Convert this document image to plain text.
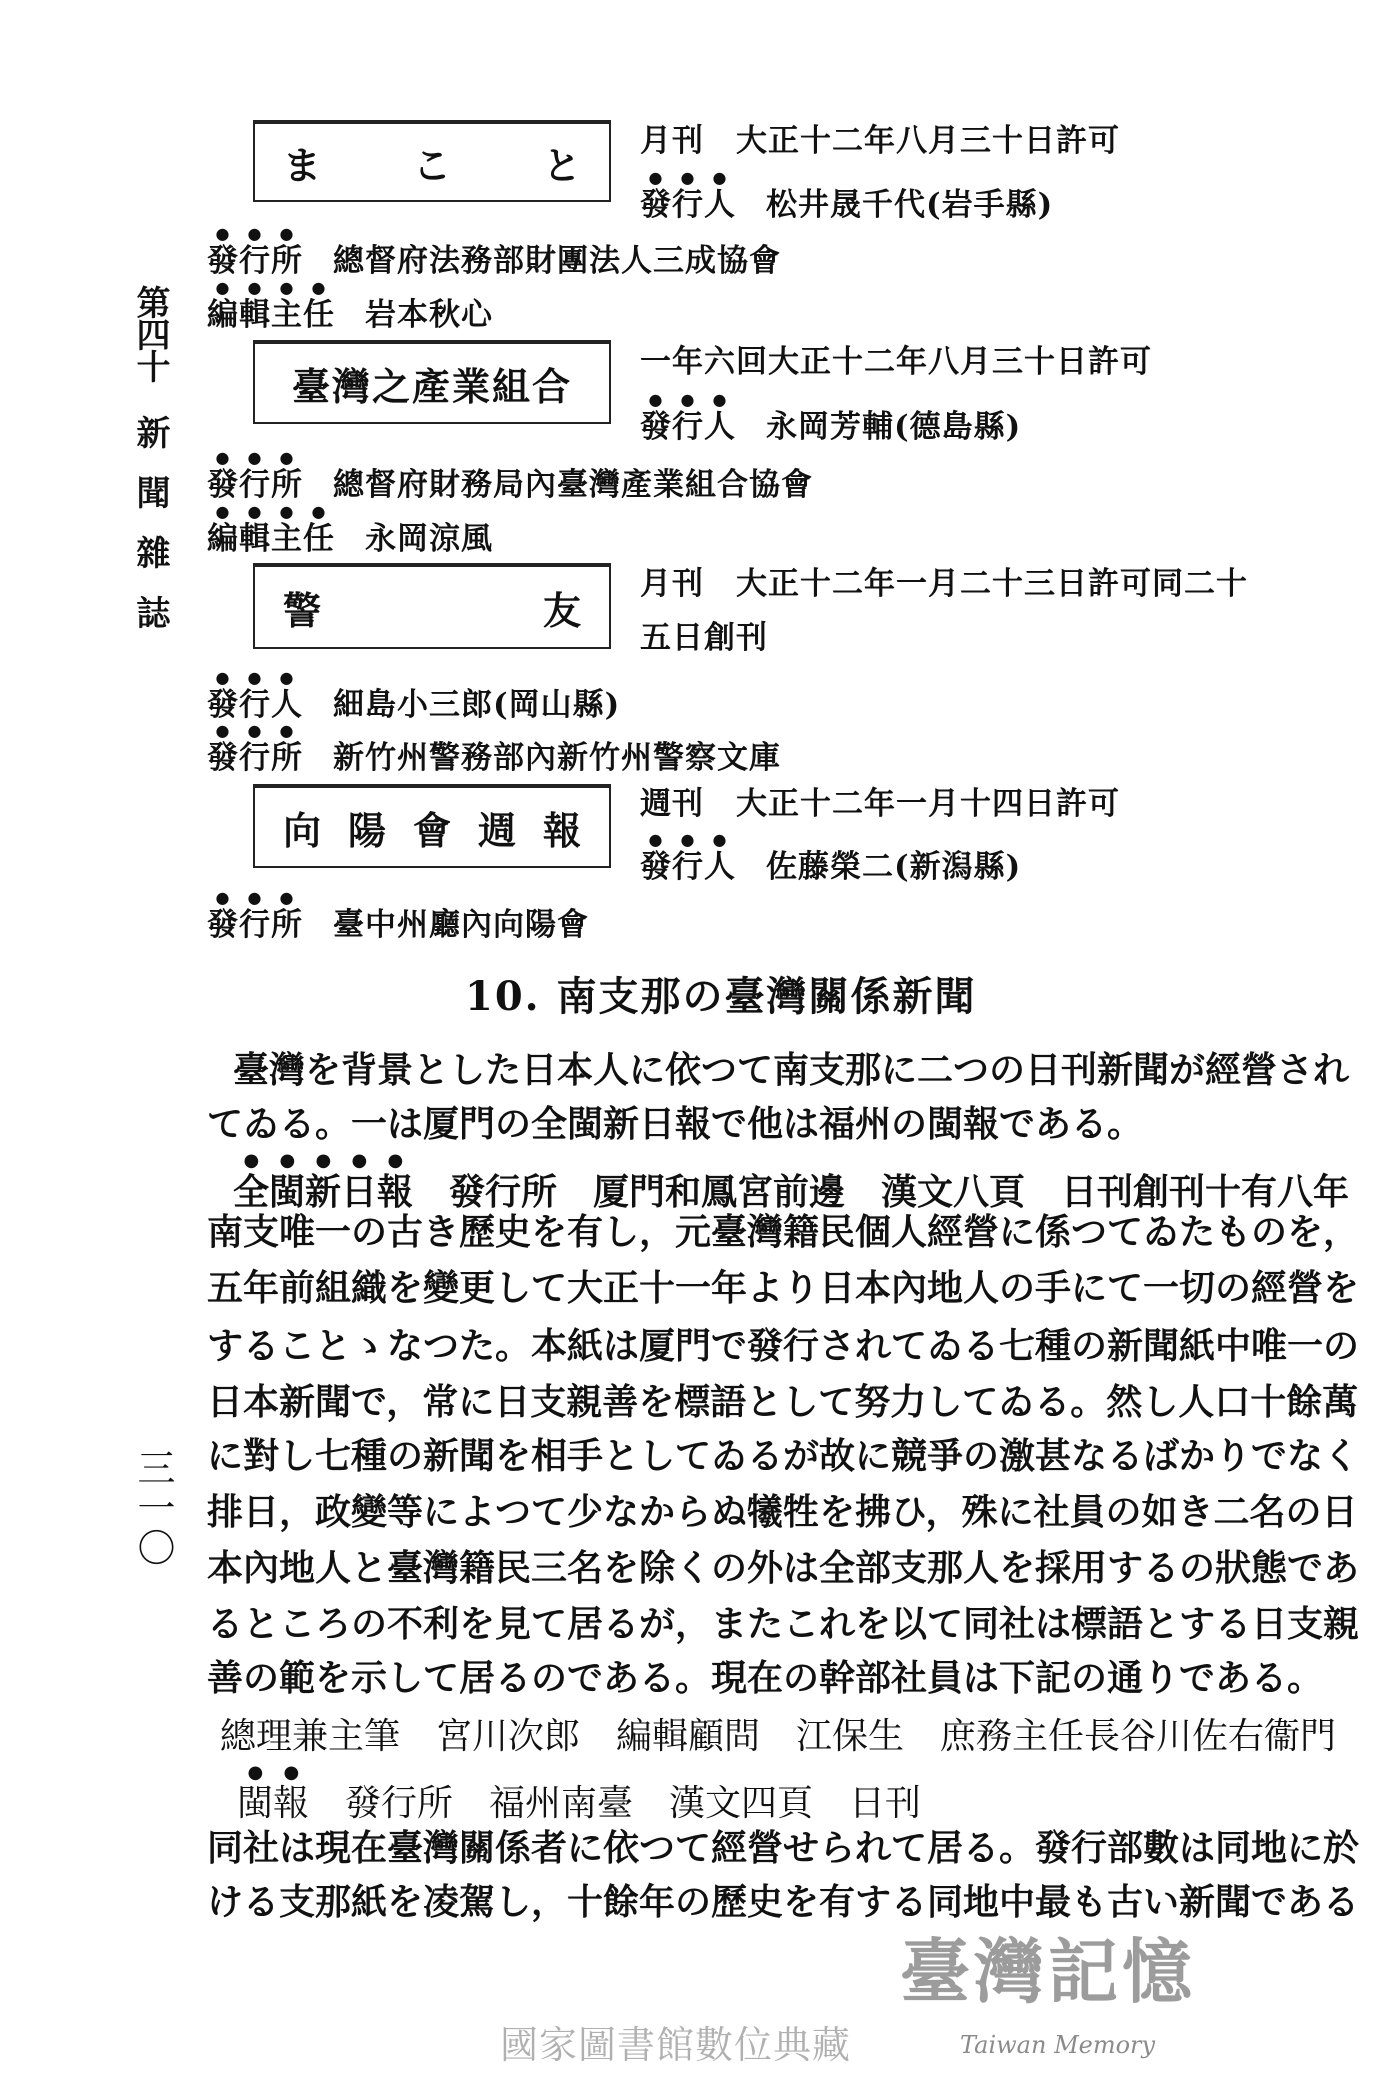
第四十
新聞雜誌
三一〇
ま こ と
月刊　大正十二年八月三十日許可
發行人 松井晟千代(岩手縣)
發行所 總督府法務部財團法人三成協會
編輯主任 岩本秋心
臺灣之產業組合
一年六回大正十二年八月三十日許可
發行人 永岡芳輔(德島縣)
發行所 總督府財務局內臺灣產業組合協會
編輯主任 永岡涼風
警	友
月刊　大正十二年一月二十三日許可同二十
五日創刊
發行人 細島小三郎(岡山縣)
發行所 新竹州警務部內新竹州警察文庫
向 陽 會 週 報
週刊　大正十二年一月十四日許可
發行人 佐藤榮二(新潟縣)
發行所 臺中州廳內向陽會
10. 南支那の臺灣關係新聞
臺灣を背景とした日本人に依つて南支那に二つの日刊新聞が經營され
てゐる。一は厦門の全閩新日報で他は福州の閩報である。
全閩新日報　發行所　厦門和鳳宮前邊　漢文八頁　日刊創刊十有八年
南支唯一の古き歷史を有し，元臺灣籍民個人經營に係つてゐたものを，
五年前組織を變更して大正十一年より日本內地人の手にて一切の經營を
することゝなつた。本紙は厦門で發行されてゐる七種の新聞紙中唯一の
日本新聞で，常に日支親善を標語として努力してゐる。然し人口十餘萬
に對し七種の新聞を相手としてゐるが故に競爭の激甚なるばかりでなく
排日，政變等によつて少なからぬ犧牲を拂ひ，殊に社員の如き二名の日
本內地人と臺灣籍民三名を除くの外は全部支那人を採用するの狀態であ
るところの不利を見て居るが，またこれを以て同社は標語とする日支親
善の範を示して居るのである。現在の幹部社員は下記の通りである。
總理兼主筆　宮川次郎　編輯顧問　江保生　庶務主任長谷川佐右衞門
閩報　發行所　福州南臺　漢文四頁　日刊
同社は現在臺灣關係者に依つて經營せられて居る。發行部數は同地に於
ける支那紙を凌駕し，十餘年の歷史を有する同地中最も古い新聞である
臺灣記憶
Taiwan Memory
國家圖書館數位典藏
